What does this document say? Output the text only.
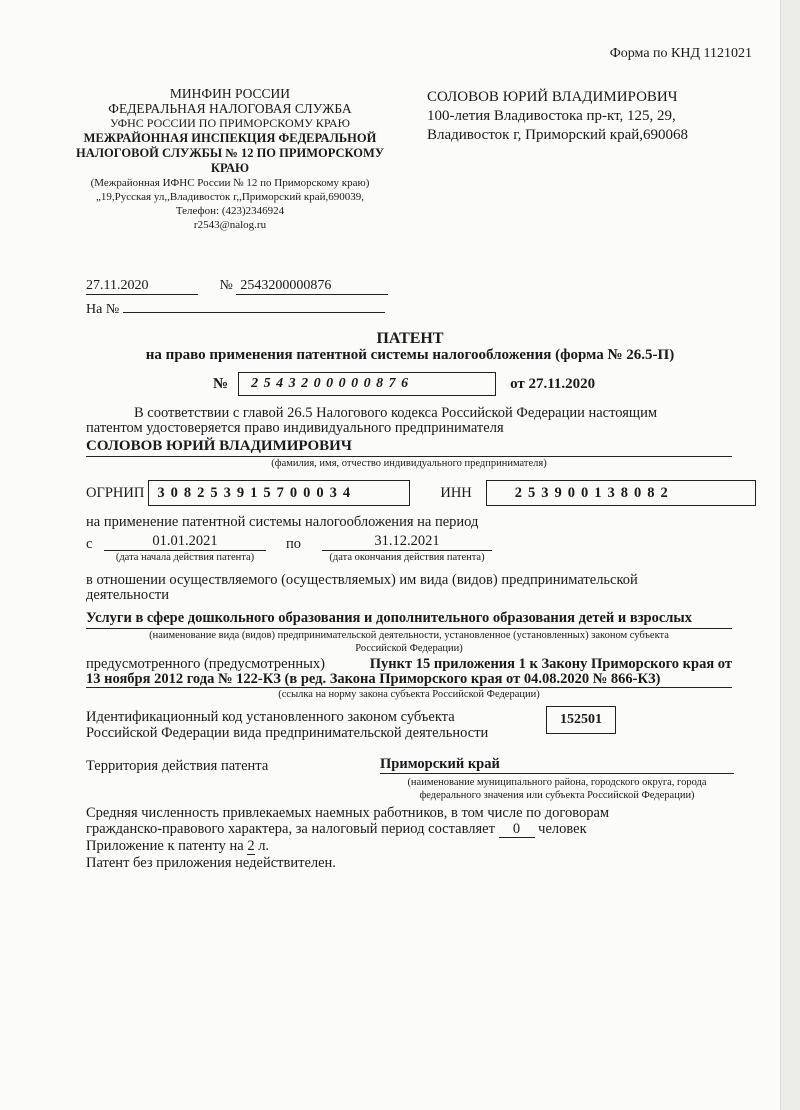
Форма по КНД 1121021
МИНФИН РОССИИ
ФЕДЕРАЛЬНАЯ НАЛОГОВАЯ СЛУЖБА
УФНС РОССИИ ПО ПРИМОРСКОМУ КРАЮ
МЕЖРАЙОННАЯ ИНСПЕКЦИЯ ФЕДЕРАЛЬНОЙ
НАЛОГОВОЙ СЛУЖБЫ № 12 ПО ПРИМОРСКОМУ
КРАЮ
(Межрайонная ИФНС России № 12 по Приморскому краю)
„19,Русская ул,,Владивосток г,,Приморский край,690039,
Телефон: (423)2346924
r2543@nalog.ru
СОЛОВОВ ЮРИЙ ВЛАДИМИРОВИЧ
100-летия Владивостока пр-кт, 125, 29,
Владивосток г, Приморский край,690068
27.11.2020	№ 2543200000876
На №
ПАТЕНТ
на право применения патентной системы налогообложения (форма № 26.5-П)
№	2543200000876	от 27.11.2020
В соответствии с главой 26.5 Налогового кодекса Российской Федерации настоящим
патентом удостоверяется право индивидуального предпринимателя
СОЛОВОВ ЮРИЙ ВЛАДИМИРОВИЧ
(фамилия, имя, отчество индивидуального предпринимателя)
ОГРНИП 308253915700034	ИНН	253900138082
на применение патентной системы налогообложения на период
с	01.01.2021
(дата начала действия патента)
по	31.12.2021
(дата окончания действия патента)
в отношении осуществляемого (осуществляемых) им вида (видов) предпринимательской
деятельности
Услуги в сфере дошкольного образования и дополнительного образования детей и взрослых
(наименование вида (видов) предпринимательской деятельности, установленное (установленных) законом субъекта
Российской Федерации)
предусмотренного (предусмотренных)	Пункт 15 приложения 1 к Закону Приморского края от
13 ноября 2012 года № 122-КЗ (в ред. Закона Приморского края от 04.08.2020 № 866-КЗ)
(ссылка на норму закона субъекта Российской Федерации)
Идентификационный код установленного законом субъекта
Российской Федерации вида предпринимательской деятельности
152501
Территория действия патента	Приморский край
(наименование муниципального района, городского округа, города
федерального значения или субъекта Российской Федерации)
Средняя численность привлекаемых наемных работников, в том числе по договорам
гражданско-правового характера, за налоговый период составляет 0 человек
Приложение к патенту на 2 л.
Патент без приложения недействителен.
